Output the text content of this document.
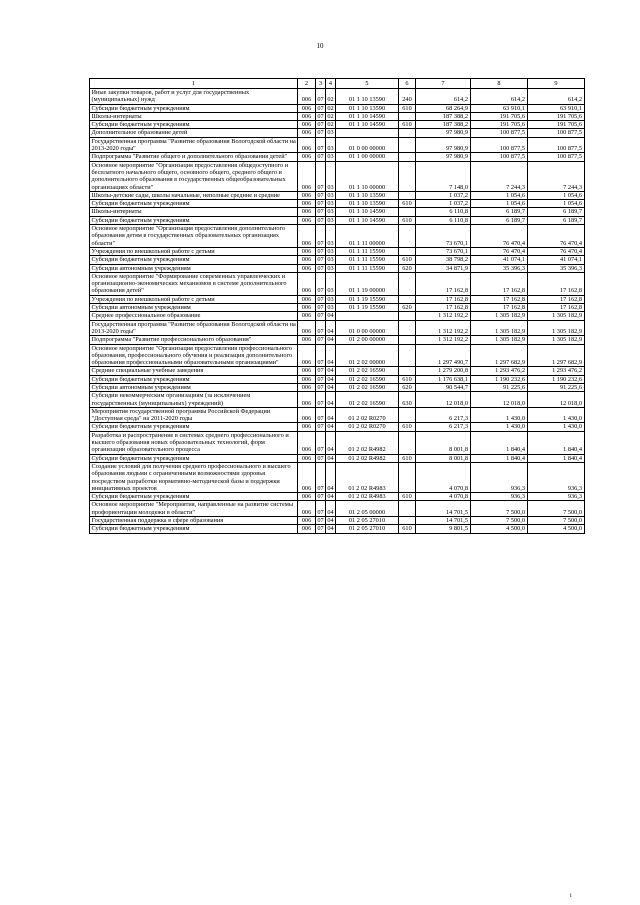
10
1	2	3	4	5	6	7	8	9
Иные закупки товаров, работ и услуг для государственных (муниципальных) нужд	006	07	02	01 1 10 13590	240	614,2	614,2	614,2
Субсидии бюджетным учреждениям	006	07	02	01 1 10 13590	610	68 264,9	63 910,1	63 910,1
Школы-интернаты	006	07	02	01 1 10 14590		187 388,2	191 705,6	191 705,6
Субсидии бюджетным учреждениям	006	07	02	01 1 10 14590	610	187 388,2	191 705,6	191 705,6
Дополнительное образование детей	006	07	03			97 980,9	100 877,5	100 877,5
Государственная программа "Развитие образования Вологодской области на 2013-2020 годы"	006	07	03	01 0 00 00000		97 980,9	100 877,5	100 877,5
Подпрограмма "Развитие общего и дополнительного образования детей"	006	07	03	01 1 00 00000		97 980,9	100 877,5	100 877,5
Основное мероприятие "Организация предоставления общедоступного и бесплатного начального общего, основного общего, среднего общего и дополнительного образования в государственных общеобразовательных организациях области"	006	07	03	01 1 10 00000		7 148,0	7 244,3	7 244,3
Школы-детские сады, школы начальные, неполные средние и средние	006	07	03	01 1 10 13590		1 037,2	1 054,6	1 054,6
Субсидии бюджетным учреждениям	006	07	03	01 1 10 13590	610	1 037,2	1 054,6	1 054,6
Школы-интернаты	006	07	03	01 1 10 14590		6 110,8	6 189,7	6 189,7
Субсидии бюджетным учреждениям	006	07	03	01 1 10 14590	610	6 110,8	6 189,7	6 189,7
Основное мероприятие "Организация предоставления дополнительного образования детям в государственных образовательных организациях области"	006	07	03	01 1 11 00000		73 670,1	76 470,4	76 470,4
Учреждения по внешкольной работе с детьми	006	07	03	01 1 11 15590		73 670,1	76 470,4	76 470,4
Субсидии бюджетным учреждениям	006	07	03	01 1 11 15590	610	38 798,2	41 074,1	41 074,1
Субсидии автономным учреждениям	006	07	03	01 1 11 15590	620	34 871,9	35 396,3	35 396,3
Основное мероприятие "Формирование современных управленческих и организационно-экономических механизмов в системе дополнительного образования детей"	006	07	03	01 1 19 00000		17 162,8	17 162,8	17 162,8
Учреждения по внешкольной работе с детьми	006	07	03	01 1 19 15590		17 162,8	17 162,8	17 162,8
Субсидии автономным учреждениям	006	07	03	01 1 19 15590	620	17 162,8	17 162,8	17 162,8
Среднее профессиональное образование	006	07	04			1 312 192,2	1 305 182,9	1 305 182,9
Государственная программа "Развитие образования Вологодской области на 2013-2020 годы"	006	07	04	01 0 00 00000		1 312 192,2	1 305 182,9	1 305 182,9
Подпрограмма "Развитие профессионального образования"	006	07	04	01 2 00 00000		1 312 192,2	1 305 182,9	1 305 182,9
Основное мероприятие "Организация предоставления профессионального образования, профессионального обучения и реализация дополнительного образования профессиональными образовательными организациями"	006	07	04	01 2 02 00000		1 297 490,7	1 297 682,9	1 297 682,9
Средние специальные учебные заведения	006	07	04	01 2 02 16590		1 279 200,8	1 293 476,2	1 293 476,2
Субсидии бюджетным учреждениям	006	07	04	01 2 02 16590	610	1 176 638,1	1 190 232,6	1 190 232,6
Субсидии автономным учреждениям	006	07	04	01 2 02 16590	620	90 544,7	91 225,6	91 225,6
Субсидии некоммерческим организациям (за исключением государственных (муниципальных) учреждений)	006	07	04	01 2 02 16590	630	12 018,0	12 018,0	12 018,0
Мероприятия государственной программы Российской Федерации "Доступная среда" на 2011-2020 годы	006	07	04	01 2 02 R0270		6 217,3	1 430,0	1 430,0
Субсидии бюджетным учреждениям	006	07	04	01 2 02 R0270	610	6 217,3	1 430,0	1 430,0
Разработка и распространение в системах среднего профессионального и высшего образования новых образовательных технологий, форм организации образовательного процесса	006	07	04	01 2 02 R4982		8 001,8	1 840,4	1 840,4
Субсидии бюджетным учреждениям	006	07	04	01 2 02 R4982	610	8 001,8	1 840,4	1 840,4
Создание условий для получения среднего профессионального и высшего образования людьми с ограниченными возможностями здоровья посредством разработки нормативно-методической базы и поддержки инициативных проектов	006	07	04	01 2 02 R4983		4 070,8	936,3	936,3
Субсидии бюджетным учреждениям	006	07	04	01 2 02 R4983	610	4 070,8	936,3	936,3
Основное мероприятие "Мероприятия, направленные на развитие системы профориентации молодежи в области"	006	07	04	01 2 05 00000		14 701,5	7 500,0	7 500,0
Государственная поддержка в сфере образования	006	07	04	01 2 05 27010		14 701,5	7 500,0	7 500,0
Субсидии бюджетным учреждениям	006	07	04	01 2 05 27010	610	9 801,5	4 500,0	4 500,0
i
